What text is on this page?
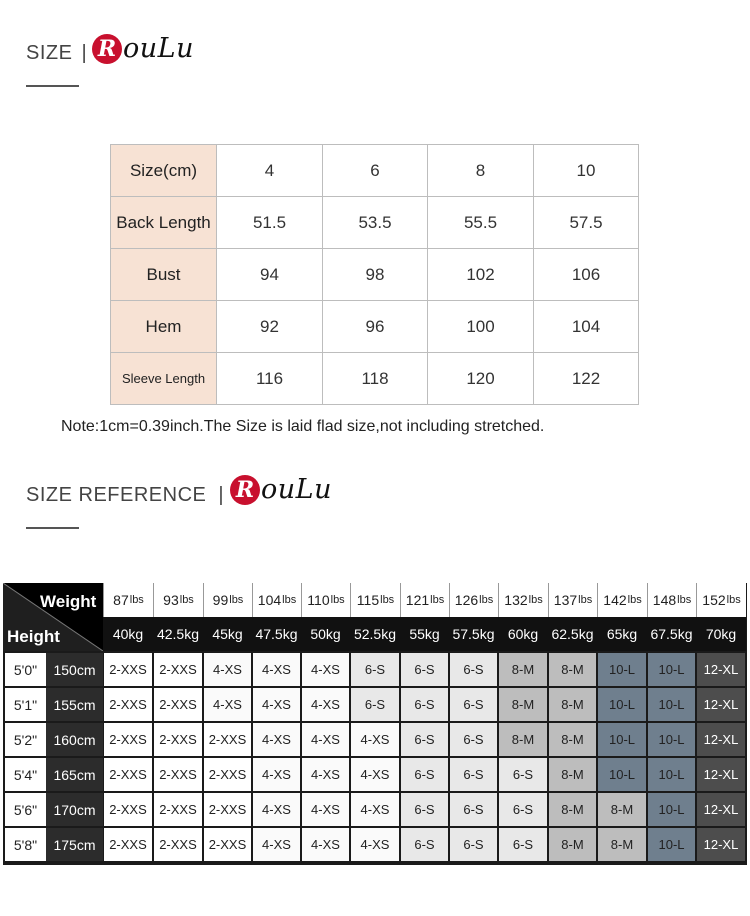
SIZE | R ouLu
Size(cm)	4	6	8	10
Back Length	51.5	53.5	55.5	57.5
Bust	94	98	102	106
Hem	92	96	100	104
Sleeve Length	116	118	120	122
Note:1cm=0.39inch.The Size is laid flad size,not including stretched.
SIZE REFERENCE | R ouLu
Weight
Height
87 lbs 93 lbs 99 lbs 104 lbs 110 lbs 115 lbs 121 lbs 126 lbs 132 lbs 137 lbs 142 lbs 148 lbs 152 lbs
40kg 42.5kg 45kg 47.5kg 50kg 52.5kg 55kg 57.5kg 60kg 62.5kg 65kg 67.5kg 70kg
5'0"	150cm	2-XXS 2-XXS	4-XS	4-XS	4-XS	6-S	6-S	6-S	8-M	8-M	10-L	10-L	12-XL
5'1"	155cm	2-XXS 2-XXS	4-XS	4-XS	4-XS	6-S	6-S	6-S	8-M	8-M	10-L	10-L	12-XL
5'2"	160cm	2-XXS 2-XXS 2-XXS	4-XS	4-XS	4-XS	6-S	6-S	8-M	8-M	10-L	10-L	12-XL
5'4"	165cm	2-XXS 2-XXS 2-XXS	4-XS	4-XS	4-XS	6-S	6-S	6-S	8-M	10-L	10-L	12-XL
5'6"	170cm	2-XXS 2-XXS 2-XXS	4-XS	4-XS	4-XS	6-S	6-S	6-S	8-M	8-M	10-L	12-XL
5'8"	175cm	2-XXS 2-XXS 2-XXS	4-XS	4-XS	4-XS	6-S	6-S	6-S	8-M	8-M	10-L	12-XL
